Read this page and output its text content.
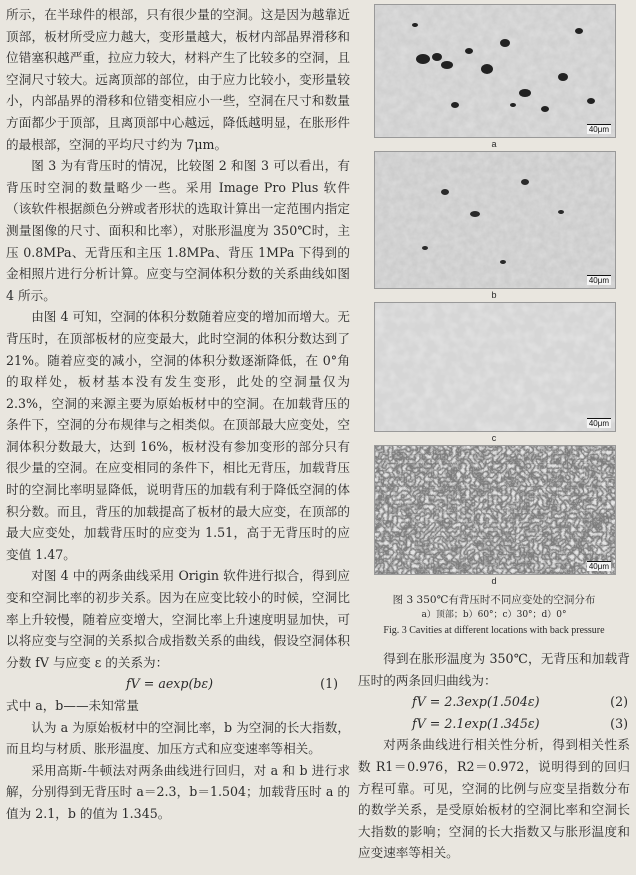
所示，在半球件的根部，只有很少量的空洞。这是因为越靠近顶部，板材所受应力越大，变形量越大，板材内部晶界滑移和位错塞积越严重，拉应力较大，材料产生了比较多的空洞，且空洞尺寸较大。远离顶部的部位，由于应力比较小，变形量较小，内部晶界的滑移和位错变相应小一些，空洞在尺寸和数量方面都少于顶部，且离顶部中心越远，降低越明显，在胀形件的最根部，空洞的平均尺寸约为 7μm。

图 3 为有背压时的情况，比较图 2 和图 3 可以看出，有背压时空洞的数量略少一些。采用 Image Pro Plus 软件（该软件根据颜色分辨或者形状的选取计算出一定范围内指定测量图像的尺寸、面积和比率），对胀形温度为 350℃时，主压 0.8MPa、无背压和主压 1.8MPa、背压 1MPa 下得到的金相照片进行分析计算。应变与空洞体积分数的关系曲线如图 4 所示。

由图 4 可知，空洞的体积分数随着应变的增加而增大。无背压时，在顶部板材的应变最大，此时空洞的体积分数达到了 21%。随着应变的减小，空洞的体积分数逐渐降低，在 0°角的取样处，板材基本没有发生变形，此处的空洞量仅为 2.3%，空洞的来源主要为原始板材中的空洞。在加载背压的条件下，空洞的分布规律与之相类似。在顶部最大应变处，空洞体积分数最大，达到 16%，板材没有参加变形的部分只有很少量的空洞。在应变相同的条件下，相比无背压，加载背压时的空洞比率明显降低，说明背压的加载有利于降低空洞的体积分数。而且，背压的加载提高了板材的最大应变，在顶部的最大应变处，加载背压时的应变为 1.51，高于无背压时的应变值 1.47。

对图 4 中的两条曲线采用 Origin 软件进行拟合，得到应变和空洞比率的初步关系。因为在应变比较小的时候，空洞比率上升较慢，随着应变增大，空洞比率上升速度明显加快，可以将应变与空洞的关系拟合成指数关系的曲线，假设空洞体积分数 fV 与应变 ε 的关系为：

fV = aexp(bε)	(1)

式中 a，b——未知常量

认为 a 为原始板材中的空洞比率，b 为空洞的长大指数，而且均与材质、胀形温度、加压方式和应变速率等相关。

采用高斯-牛顿法对两条曲线进行回归，对 a 和 b 进行求解，分别得到无背压时 a＝2.3，b＝1.504；加载背压时 a 的值为 2.1，b 的值为 1.345。

40μm
a
40μm
b
40μm
c
40μm
d
图 3 350℃有背压时不同应变处的空洞分布
a）顶部；b）60°；c）30°；d）0°
Fig. 3 Cavities at different locations with back pressure

得到在胀形温度为 350℃，无背压和加载背压时的两条回归曲线为：

fV = 2.3exp(1.504ε)	(2)
fV = 2.1exp(1.345ε)	(3)

对两条曲线进行相关性分析，得到相关性系数 R1＝0.976，R2＝0.972，说明得到的回归方程可靠。可见，空洞的比例与应变呈指数分布的数学关系，是受原始板材的空洞比率和空洞长大指数的影响；空洞的长大指数又与胀形温度和应变速率等相关。
